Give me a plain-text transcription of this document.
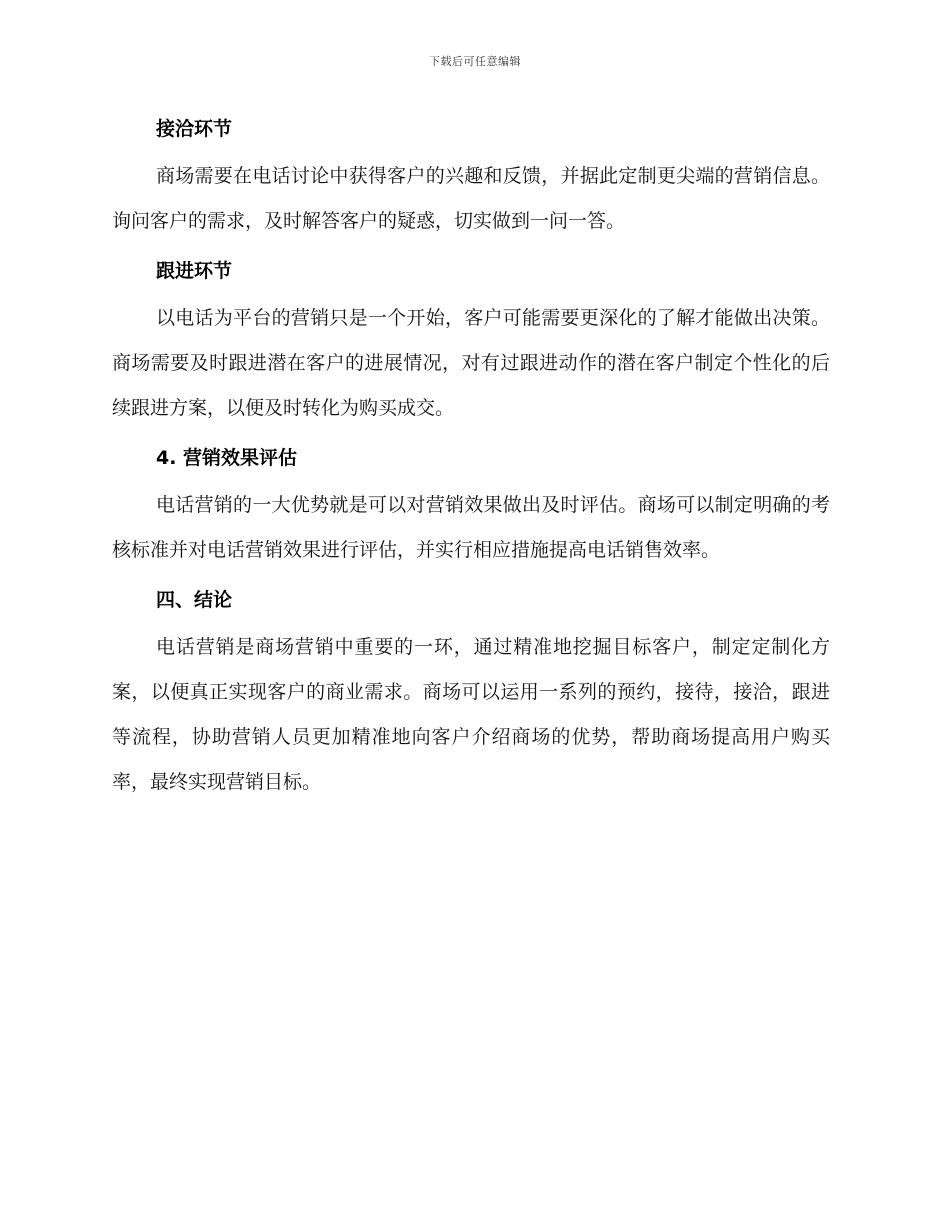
下载后可任意编辑
接洽环节

商场需要在电话讨论中获得客户的兴趣和反馈，并据此定制更尖端的营销信息。询问客户的需求，及时解答客户的疑惑，切实做到一问一答。

跟进环节

以电话为平台的营销只是一个开始，客户可能需要更深化的了解才能做出决策。商场需要及时跟进潜在客户的进展情况，对有过跟进动作的潜在客户制定个性化的后续跟进方案，以便及时转化为购买成交。

4. 营销效果评估

电话营销的一大优势就是可以对营销效果做出及时评估。商场可以制定明确的考核标准并对电话营销效果进行评估，并实行相应措施提高电话销售效率。

四、结论

电话营销是商场营销中重要的一环，通过精准地挖掘目标客户，制定定制化方案，以便真正实现客户的商业需求。商场可以运用一系列的预约，接待，接洽，跟进等流程，协助营销人员更加精准地向客户介绍商场的优势，帮助商场提高用户购买率，最终实现营销目标。
